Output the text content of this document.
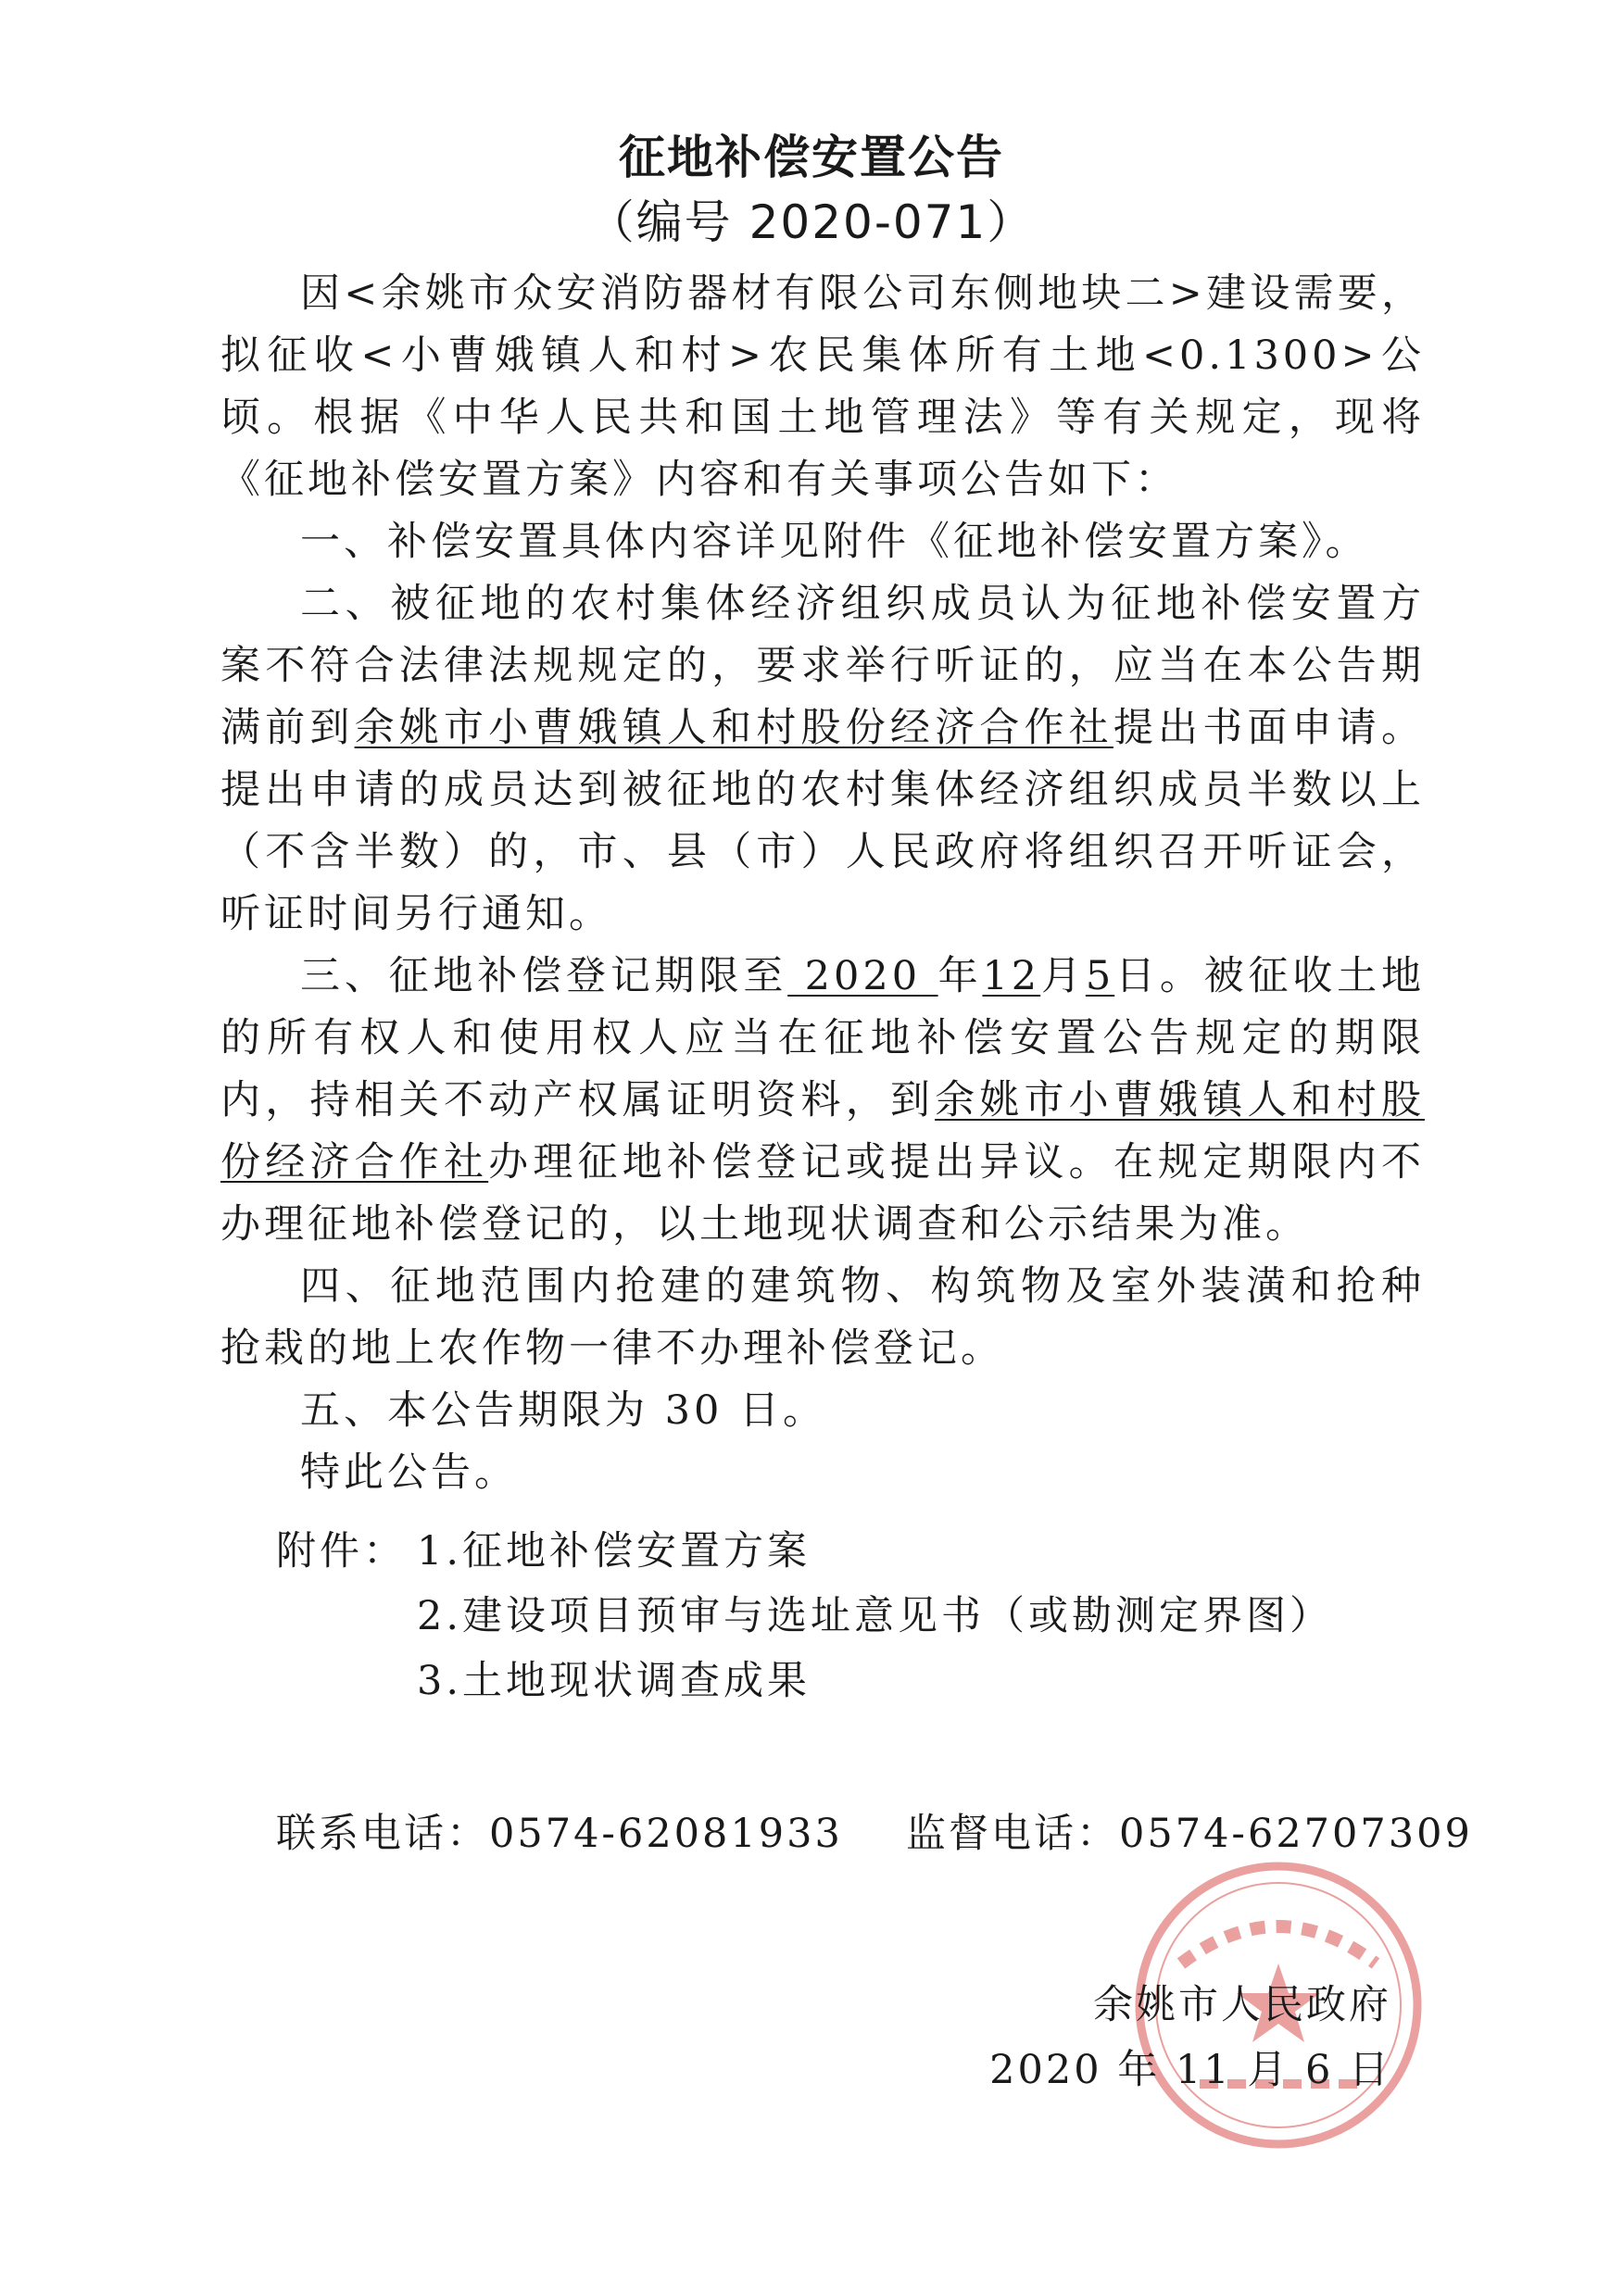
征地补偿安置公告
（编号 2020-071）

因<余姚市众安消防器材有限公司东侧地块二>建设需要，拟征收<小曹娥镇人和村>农民集体所有土地<0.1300>公顷。根据《中华人民共和国土地管理法》等有关规定，现将《征地补偿安置方案》内容和有关事项公告如下：

一、补偿安置具体内容详见附件《征地补偿安置方案》。

二、被征地的农村集体经济组织成员认为征地补偿安置方案不符合法律法规规定的，要求举行听证的，应当在本公告期满前到余姚市小曹娥镇人和村股份经济合作社提出书面申请。提出申请的成员达到被征地的农村集体经济组织成员半数以上（不含半数）的，市、县（市）人民政府将组织召开听证会，听证时间另行通知。

三、征地补偿登记期限至 2020 年12月5日。被征收土地的所有权人和使用权人应当在征地补偿安置公告规定的期限内，持相关不动产权属证明资料，到余姚市小曹娥镇人和村股份经济合作社办理征地补偿登记或提出异议。在规定期限内不办理征地补偿登记的，以土地现状调查和公示结果为准。

四、征地范围内抢建的建筑物、构筑物及室外装潢和抢种抢栽的地上农作物一律不办理补偿登记。

五、本公告期限为 30 日。

特此公告。

附件： 1.征地补偿安置方案
2.建设项目预审与选址意见书（或勘测定界图）
3.土地现状调查成果
联系电话：0574-62081933 监督电话：0574-62707309
余姚市人民政府
2020 年 11 月 6 日
